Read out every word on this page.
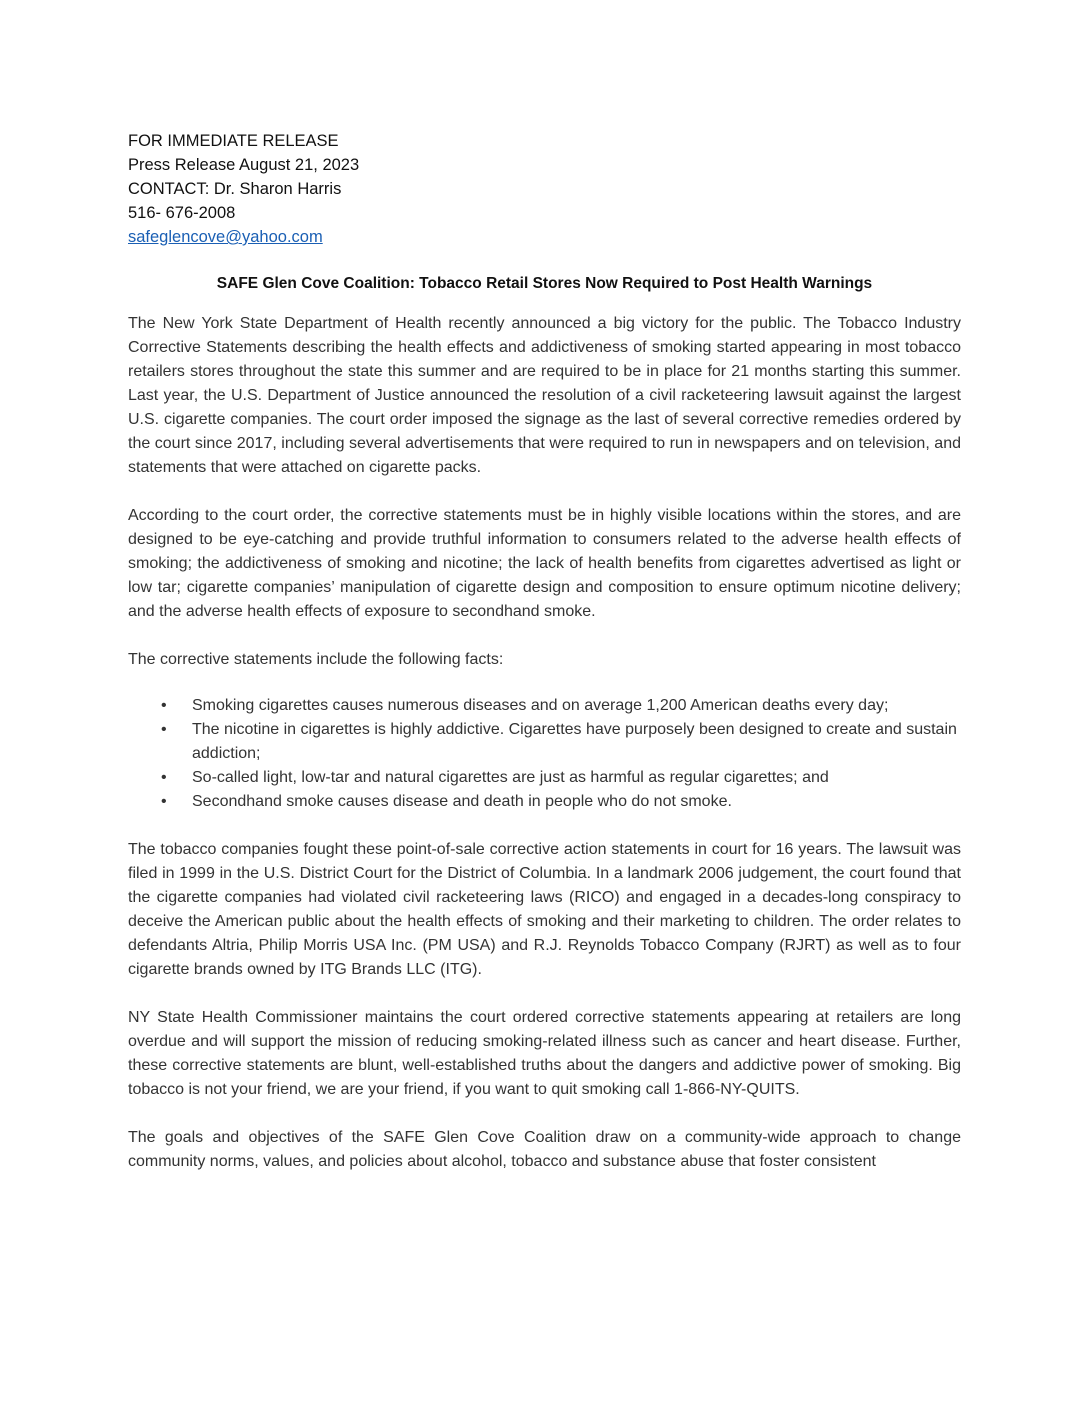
FOR IMMEDIATE RELEASE
Press Release August 21, 2023
CONTACT: Dr. Sharon Harris
516- 676-2008
safeglencove@yahoo.com
SAFE Glen Cove Coalition: Tobacco Retail Stores Now Required to Post Health Warnings

The New York State Department of Health recently announced a big victory for the public. The Tobacco Industry Corrective Statements describing the health effects and addictiveness of smoking started appearing in most tobacco retailers stores throughout the state this summer and are required to be in place for 21 months starting this summer. Last year, the U.S. Department of Justice announced the resolution of a civil racketeering lawsuit against the largest U.S. cigarette companies. The court order imposed the signage as the last of several corrective remedies ordered by the court since 2017, including several advertisements that were required to run in newspapers and on television, and statements that were attached on cigarette packs.

According to the court order, the corrective statements must be in highly visible locations within the stores, and are designed to be eye-catching and provide truthful information to consumers related to the adverse health effects of smoking; the addictiveness of smoking and nicotine; the lack of health benefits from cigarettes advertised as light or low tar; cigarette companies’ manipulation of cigarette design and composition to ensure optimum nicotine delivery; and the adverse health effects of exposure to secondhand smoke.

The corrective statements include the following facts:

• Smoking cigarettes causes numerous diseases and on average 1,200 American deaths every day;
• The nicotine in cigarettes is highly addictive. Cigarettes have purposely been designed to create and sustain addiction;
• So-called light, low-tar and natural cigarettes are just as harmful as regular cigarettes; and
• Secondhand smoke causes disease and death in people who do not smoke.

The tobacco companies fought these point-of-sale corrective action statements in court for 16 years. The lawsuit was filed in 1999 in the U.S. District Court for the District of Columbia. In a landmark 2006 judgement, the court found that the cigarette companies had violated civil racketeering laws (RICO) and engaged in a decades-long conspiracy to deceive the American public about the health effects of smoking and their marketing to children. The order relates to defendants Altria, Philip Morris USA Inc. (PM USA) and R.J. Reynolds Tobacco Company (RJRT) as well as to four cigarette brands owned by ITG Brands LLC (ITG).

NY State Health Commissioner maintains the court ordered corrective statements appearing at retailers are long overdue and will support the mission of reducing smoking-related illness such as cancer and heart disease. Further, these corrective statements are blunt, well-established truths about the dangers and addictive power of smoking. Big tobacco is not your friend, we are your friend, if you want to quit smoking call 1-866-NY-QUITS.

The goals and objectives of the SAFE Glen Cove Coalition draw on a community-wide approach to change community norms, values, and policies about alcohol, tobacco and substance abuse that foster consistent
